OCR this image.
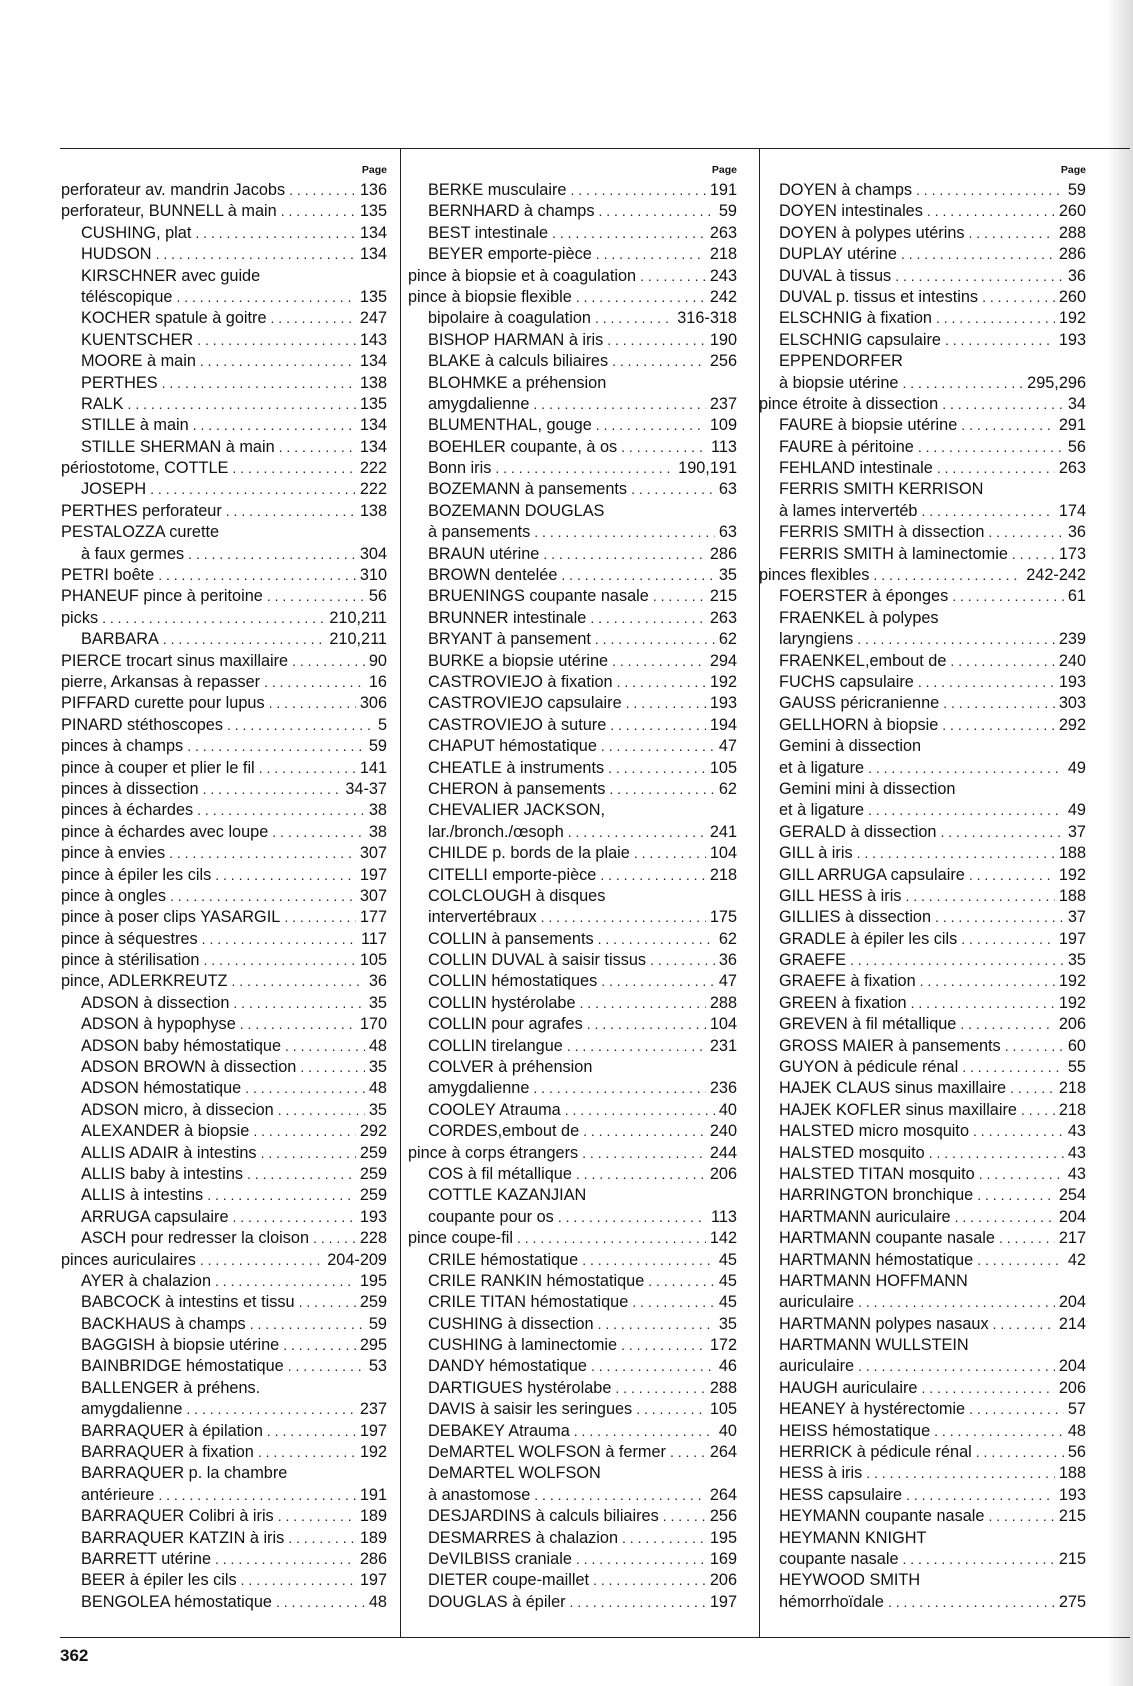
Page
perforateur av. mandrin Jacobs . . .	136
perforateur, BUNNELL à main . . .	135
CUSHING, plat . . .	134
HUDSON . . .	134
KIRSCHNER avec guide
téléscopique . . .	135
KOCHER spatule à goitre . . .	247
KUENTSCHER . . .	143
MOORE à main . . .	134
PERTHES . . .	138
RALK . . .	135
STILLE à main . . .	134
STILLE SHERMAN à main . . .	134
périostotome, COTTLE . . .	222
JOSEPH . . .	222
PERTHES perforateur . . .	138
PESTALOZZA curette
à faux germes . . .	304
PETRI boête . . .	310
PHANEUF pince à peritoine . . .	56
picks . . .	210,211
BARBARA . . .	210,211
PIERCE trocart sinus maxillaire . . .	90
pierre, Arkansas à repasser . . .	16
PIFFARD curette pour lupus . . .	306
PINARD stéthoscopes . . .	5
pinces à champs . . .	59
pince à couper et plier le fil . . .	141
pinces à dissection . . .	34-37
pinces à échardes . . .	38
pince à échardes avec loupe . . .	38
pince à envies . . .	307
pince à épiler les cils . . .	197
pince à ongles . . .	307
pince à poser clips YASARGIL . . .	177
pince à séquestres . . .	117
pince à stérilisation . . .	105
pince, ADLERKREUTZ . . .	36
ADSON à dissection . . .	35
ADSON à hypophyse . . .	170
ADSON baby hémostatique . . .	48
ADSON BROWN à dissection . . .	35
ADSON hémostatique . . .	48
ADSON micro, à dissecion . . .	35
ALEXANDER à biopsie . . .	292
ALLIS ADAIR à intestins . . .	259
ALLIS baby à intestins . . .	259
ALLIS à intestins . . .	259
ARRUGA capsulaire . . .	193
ASCH pour redresser la cloison . . .	228
pinces auriculaires . . .	204-209
AYER à chalazion . . .	195
BABCOCK à intestins et tissu . . .	259
BACKHAUS à champs . . .	59
BAGGISH à biopsie utérine . . .	295
BAINBRIDGE hémostatique . . .	53
BALLENGER à préhens.
amygdalienne . . .	237
BARRAQUER à épilation . . .	197
BARRAQUER à fixation . . .	192
BARRAQUER p. la chambre
antérieure . . .	191
BARRAQUER Colibri à iris . . .	189
BARRAQUER KATZIN à iris . . .	189
BARRETT utérine . . .	286
BEER à épiler les cils . . .	197
BENGOLEA hémostatique . . .	48
Page
BERKE musculaire . . .	191
BERNHARD à champs . . .	59
BEST intestinale . . .	263
BEYER emporte-pièce . . .	218
pince à biopsie et à coagulation . . .	243
pince à biopsie flexible . . .	242
bipolaire à coagulation . . .	316-318
BISHOP HARMAN à iris . . .	190
BLAKE à calculs biliaires . . .	256
BLOHMKE a préhension
amygdalienne . . .	237
BLUMENTHAL, gouge . . .	109
BOEHLER coupante, à os . . .	113
Bonn iris . . .	190,191
BOZEMANN à pansements . . .	63
BOZEMANN DOUGLAS
à pansements . . .	63
BRAUN utérine . . .	286
BROWN dentelée . . .	35
BRUENINGS coupante nasale . . .	215
BRUNNER intestinale . . .	263
BRYANT à pansement . . .	62
BURKE a biopsie utérine . . .	294
CASTROVIEJO à fixation . . .	192
CASTROVIEJO capsulaire . . .	193
CASTROVIEJO à suture . . .	194
CHAPUT hémostatique . . .	47
CHEATLE à instruments . . .	105
CHERON à pansements . . .	62
CHEVALIER JACKSON,
lar./bronch./œsoph . . .	241
CHILDE p. bords de la plaie . . .	104
CITELLI emporte-pièce . . .	218
COLCLOUGH à disques
intervertébraux . . .	175
COLLIN à pansements . . .	62
COLLIN DUVAL à saisir tissus . . .	36
COLLIN hémostatiques . . .	47
COLLIN hystérolabe . . .	288
COLLIN pour agrafes . . .	104
COLLIN tirelangue . . .	231
COLVER à préhension
amygdalienne . . .	236
COOLEY Atrauma . . .	40
CORDES,embout de . . .	240
pince à corps étrangers . . .	244
COS à fil métallique . . .	206
COTTLE KAZANJIAN
coupante pour os . . .	113
pince coupe-fil . . .	142
CRILE hémostatique . . .	45
CRILE RANKIN hémostatique . . .	45
CRILE TITAN hémostatique . . .	45
CUSHING à dissection . . .	35
CUSHING à laminectomie . . .	172
DANDY hémostatique . . .	46
DARTIGUES hystérolabe . . .	288
DAVIS à saisir les seringues . . .	105
DEBAKEY Atrauma . . .	40
DeMARTEL WOLFSON à fermer . . .	264
DeMARTEL WOLFSON
à anastomose . . .	264
DESJARDINS à calculs biliaires . . .	256
DESMARRES à chalazion . . .	195
DeVILBISS craniale . . .	169
DIETER coupe-maillet . . .	206
DOUGLAS à épiler . . .	197
Page
DOYEN à champs . . .	59
DOYEN intestinales . . .	260
DOYEN à polypes utérins . . .	288
DUPLAY utérine . . .	286
DUVAL à tissus . . .	36
DUVAL p. tissus et intestins . . .	260
ELSCHNIG à fixation . . .	192
ELSCHNIG capsulaire . . .	193
EPPENDORFER
à biopsie utérine . . .	295,296
pince étroite à dissection . . .	34
FAURE à biopsie utérine . . .	291
FAURE à péritoine . . .	56
FEHLAND intestinale . . .	263
FERRIS SMITH KERRISON
à lames intervertéb . . .	174
FERRIS SMITH à dissection . . .	36
FERRIS SMITH à laminectomie . . .	173
pinces flexibles . . .	242-242
FOERSTER à éponges . . .	61
FRAENKEL à polypes
laryngiens . . .	239
FRAENKEL,embout de . . .	240
FUCHS capsulaire . . .	193
GAUSS péricranienne . . .	303
GELLHORN à biopsie . . .	292
Gemini à dissection
et à ligature . . .	49
Gemini mini à dissection
et à ligature . . .	49
GERALD à dissection . . .	37
GILL à iris . . .	188
GILL ARRUGA capsulaire . . .	192
GILL HESS à iris . . .	188
GILLIES à dissection . . .	37
GRADLE à épiler les cils . . .	197
GRAEFE . . .	35
GRAEFE à fixation . . .	192
GREEN à fixation . . .	192
GREVEN à fil métallique . . .	206
GROSS MAIER à pansements . . .	60
GUYON à pédicule rénal . . .	55
HAJEK CLAUS sinus maxillaire . . .	218
HAJEK KOFLER sinus maxillaire . . .	218
HALSTED micro mosquito . . .	43
HALSTED mosquito . . .	43
HALSTED TITAN mosquito . . .	43
HARRINGTON bronchique . . .	254
HARTMANN auriculaire . . .	204
HARTMANN coupante nasale . . .	217
HARTMANN hémostatique . . .	42
HARTMANN HOFFMANN
auriculaire . . .	204
HARTMANN polypes nasaux . . .	214
HARTMANN WULLSTEIN
auriculaire . . .	204
HAUGH auriculaire . . .	206
HEANEY à hystérectomie . . .	57
HEISS hémostatique . . .	48
HERRICK à pédicule rénal . . .	56
HESS à iris . . .	188
HESS capsulaire . . .	193
HEYMANN coupante nasale . . .	215
HEYMANN KNIGHT
coupante nasale . . .	215
HEYWOOD SMITH
hémorrhoïdale . . .	275
362
